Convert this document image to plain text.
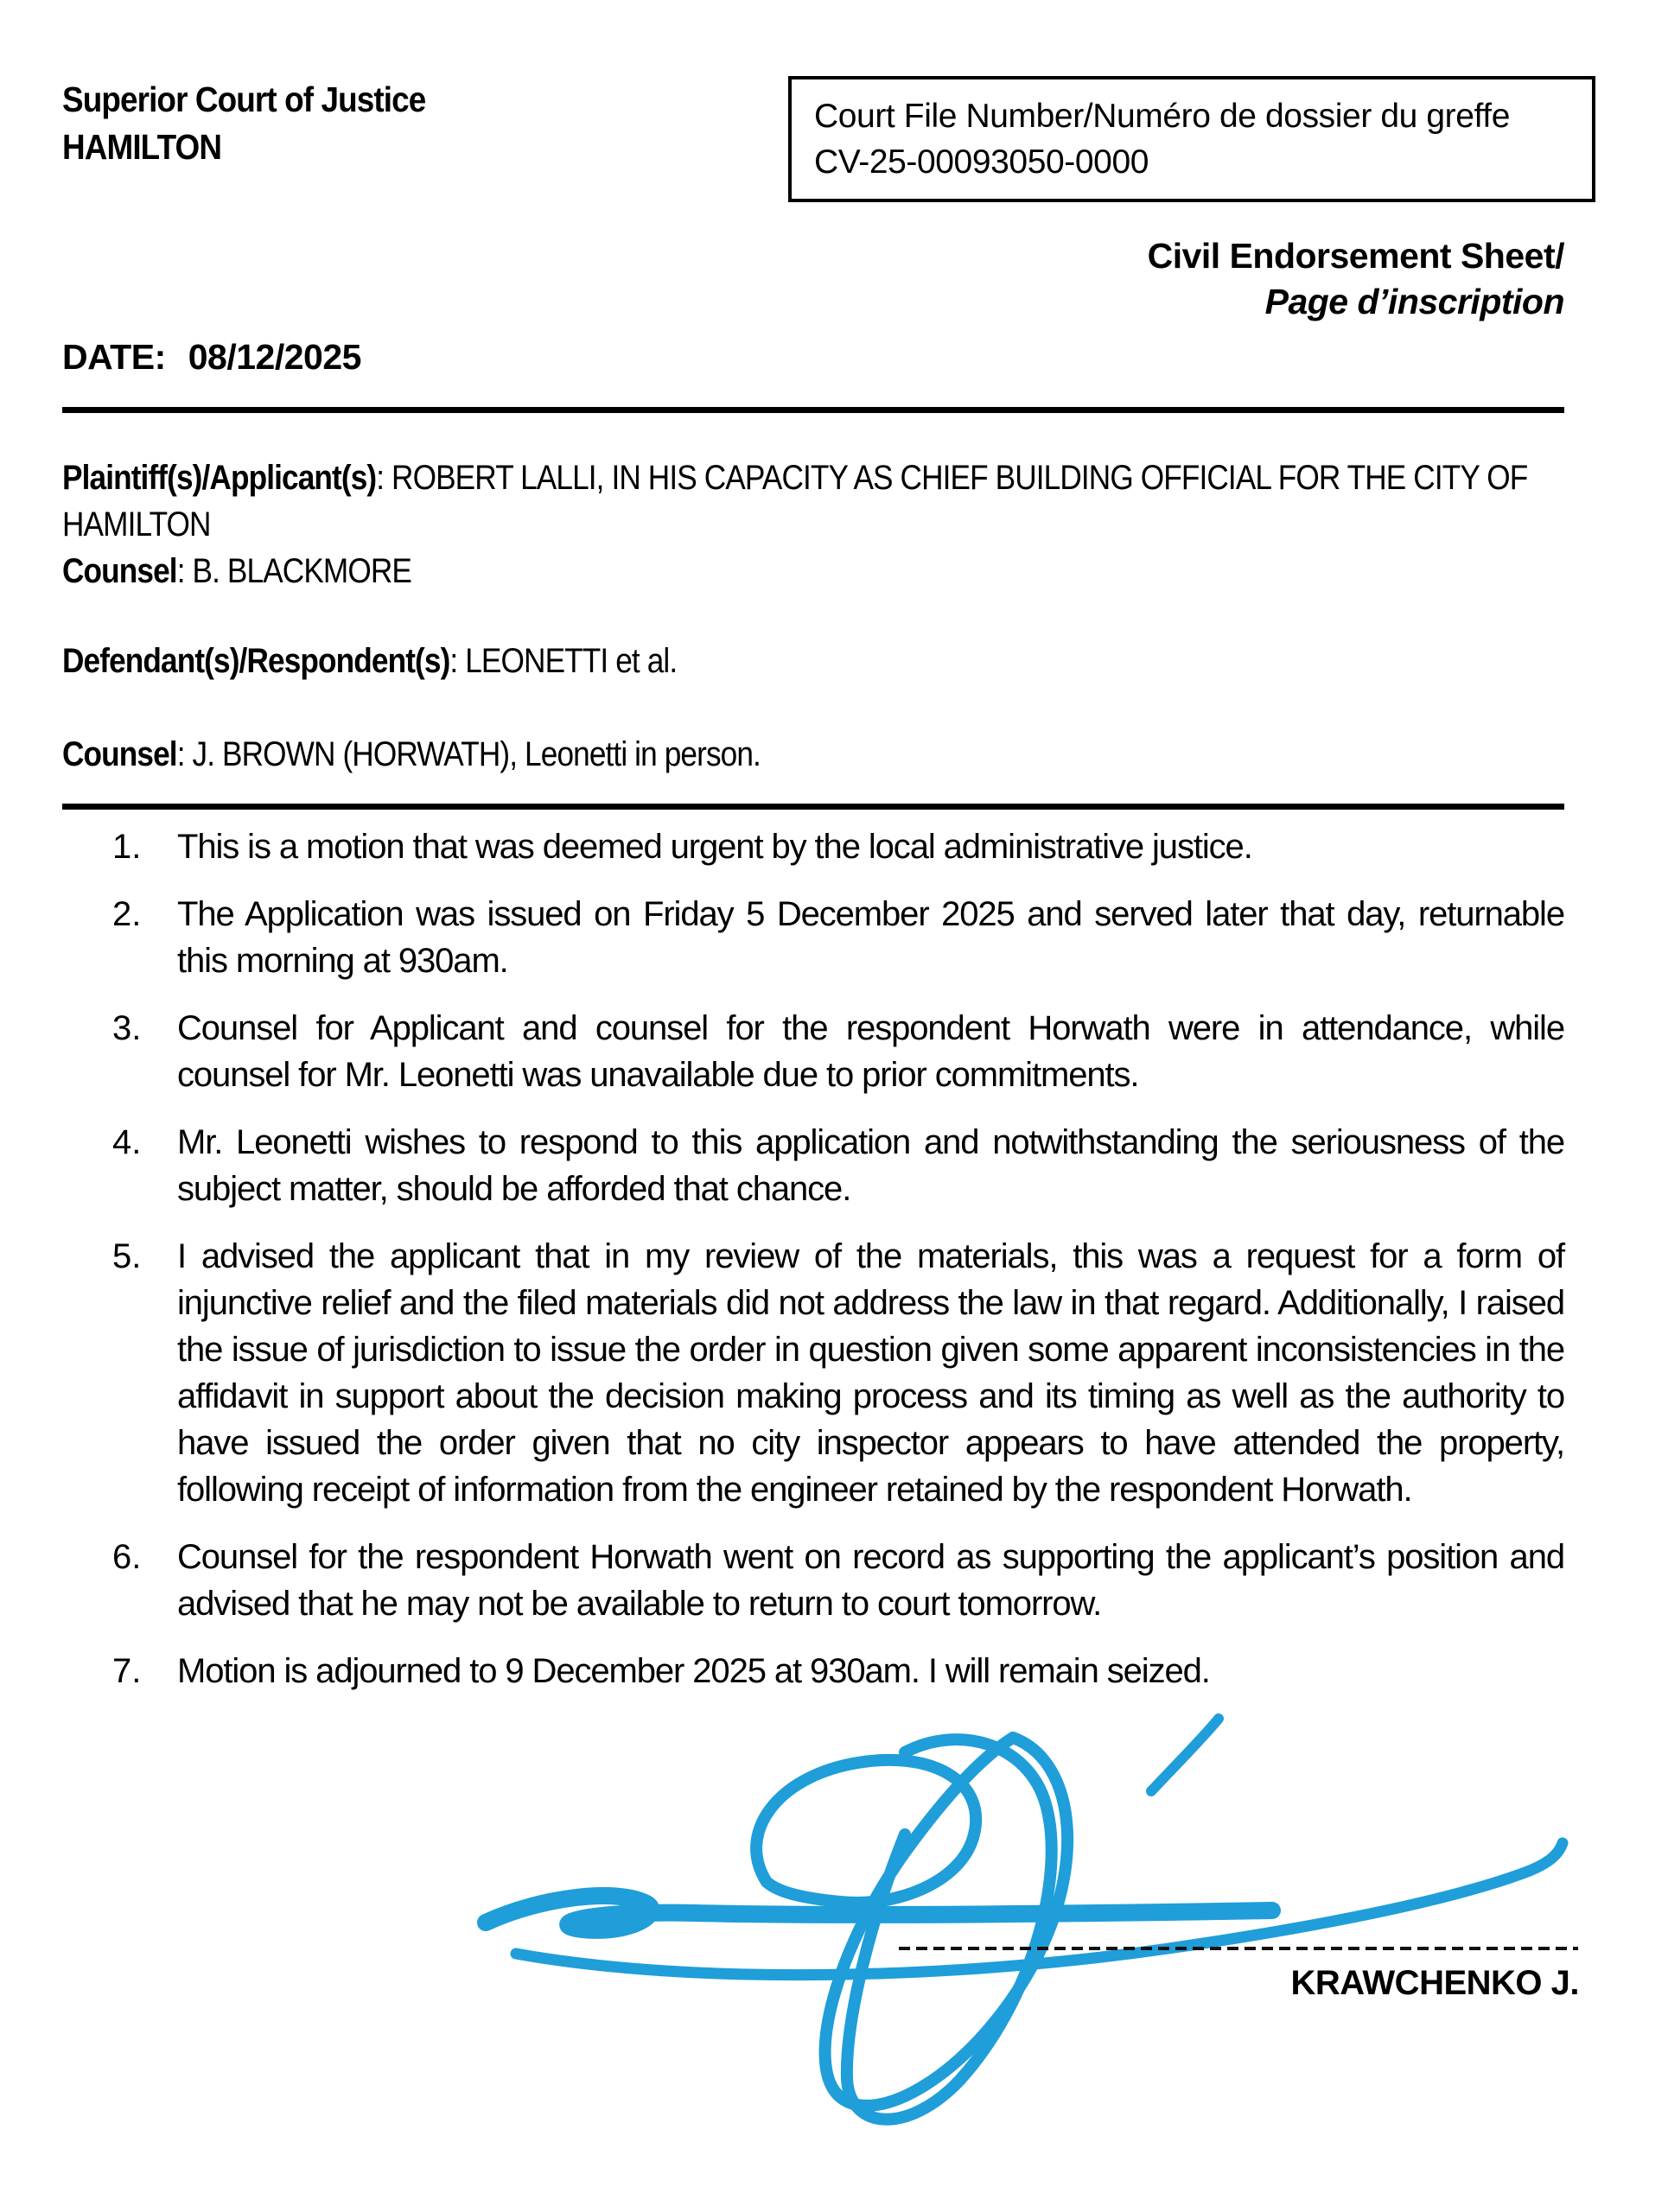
Superior Court of Justice

HAMILTON

Court File Number/Numéro de dossier du greffe

CV-25-00093050-0000

Civil Endorsement Sheet/

Page d’inscription

DATE: 08/12/2025

Plaintiff(s)/Applicant(s): ROBERT LALLI, IN HIS CAPACITY AS CHIEF BUILDING OFFICIAL FOR THE CITY OF HAMILTON

Counsel: B. BLACKMORE

Defendant(s)/Respondent(s): LEONETTI et al.

Counsel: J. BROWN (HORWATH), Leonetti in person.

This is a motion that was deemed urgent by the local administrative justice.
The Application was issued on Friday 5 December 2025 and served later that day, returnable this morning at 930am.
Counsel for Applicant and counsel for the respondent Horwath were in attendance, while counsel for Mr. Leonetti was unavailable due to prior commitments.
Mr. Leonetti wishes to respond to this application and notwithstanding the seriousness of the subject matter, should be afforded that chance.
I advised the applicant that in my review of the materials, this was a request for a form of injunctive relief and the filed materials did not address the law in that regard. Additionally, I raised the issue of jurisdiction to issue the order in question given some apparent inconsistencies in the affidavit in support about the decision making process and its timing as well as the authority to have issued the order given that no city inspector appears to have attended the property, following receipt of information from the engineer retained by the respondent Horwath.
Counsel for the respondent Horwath went on record as supporting the applicant’s position and advised that he may not be available to return to court tomorrow.
Motion is adjourned to 9 December 2025 at 930am. I will remain seized.
KRAWCHENKO J.
